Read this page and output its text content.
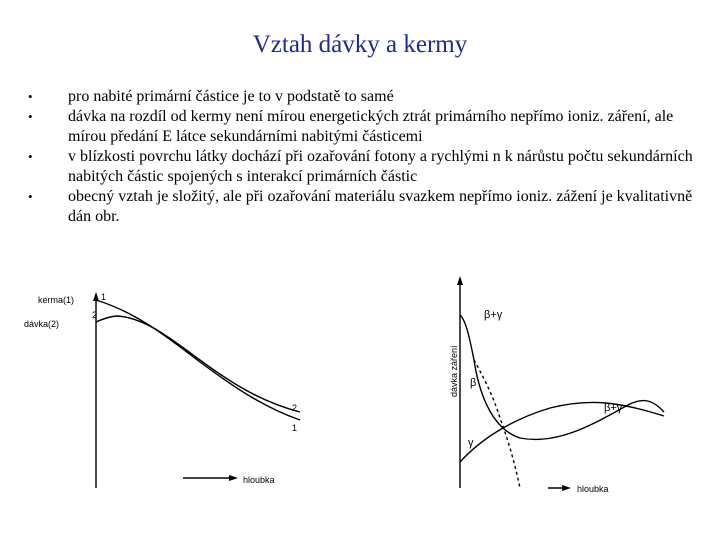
Vztah dávky a kermy
• pro nabité primární částice je to v podstatě to samé
• dávka na rozdíl od kermy není mírou energetických ztrát primárního nepřímo ioniz. záření, ale mírou předání E látce sekundárními nabitými částicemi
• v blízkosti povrchu látky dochází při ozařování fotony a rychlými n k nárůstu počtu sekundárních nabitých částic spojených s interakcí primárních částic
• obecný vztah je složitý, ale při ozařování materiálu svazkem nepřímo ioniz. zážení je kvalitativně dán obr.
kerma(1)
dávka(2)
1
2
2
1
hloubka
dávka záření
β+γ
β
β+γ
γ
hloubka
